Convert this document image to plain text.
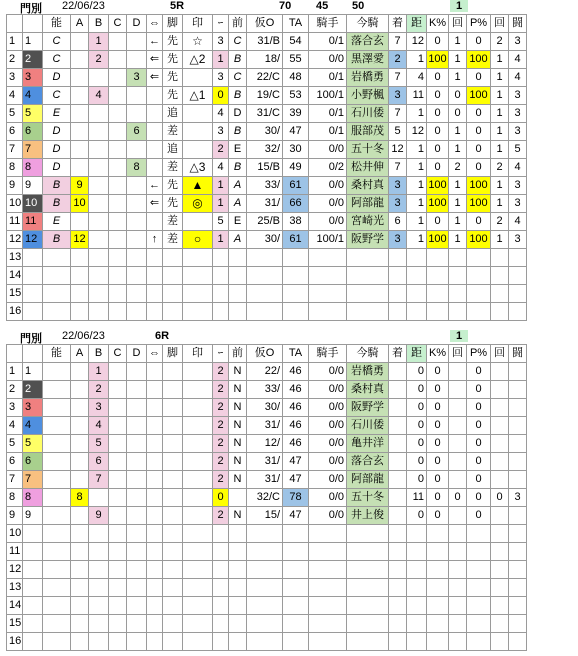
門別 22/06/23	5R	70 45 50	1
		能	A	B	C	D	⇔	脚	印	ｰ	前	仮O	TA	騎手	今騎	着	距	K%	回	P%	回	闘
1	1	C		1			←	先	☆	3	C	31/B	54	0/1	落合玄	7	12	0	1	0	2	3
2	2	C		2			⇐	先	△2	1	B	18/	55	0/0	黒澤愛	2	1	100	1	100	1	4
3	3	D				3	⇐	先		3	C	22/C	48	0/1	岩橋勇	7	4	0	1	0	1	4
4	4	C		4				先	△1	0	B	19/C	53	100/1	小野楓	3	11	0	0	100	1	3
5	5	E						追		4	D	31/C	39	0/1	石川倭	7	1	0	0	0	1	3
6	6	D				6		差		3	B	30/	47	0/1	服部茂	5	12	0	1	0	1	3
7	7	D						追		2	E	32/	30	0/0	五十冬	12	1	0	1	0	1	5
8	8	D				8		差	△3	4	B	15/B	49	0/2	松井伸	7	1	0	2	0	2	4
9	9	B	9				←	先	▲	1	A	33/	61	0/0	桑村真	3	1	100	1	100	1	3
10	10	B	10				⇐	先	◎	1	A	31/	66	0/0	阿部龍	3	1	100	1	100	1	3
11	11	E						差		5	E	25/B	38	0/0	宮崎光	6	1	0	1	0	2	4
12	12	B	12				↑	差	○	1	A	30/	61	100/1	阪野学	3	1	100	1	100	1	3
13																						
14																						
15																						
16																						
門別 22/06/23	6R	1
		能	A	B	C	D	⇔	脚	印	ｰ	前	仮O	TA	騎手	今騎	着	距	K%	回	P%	回	闘
1	1			1						2	N	22/	46	0/0	岩橋勇		0	0		0		
2	2			2						2	N	33/	46	0/0	桑村真		0	0		0		
3	3			3						2	N	30/	46	0/0	阪野学		0	0		0		
4	4			4						2	N	31/	46	0/0	石川倭		0	0		0		
5	5			5						2	N	12/	46	0/0	亀井洋		0	0		0		
6	6			6						2	N	31/	47	0/0	落合玄		0	0		0		
7	7			7						2	N	31/	47	0/0	阿部龍		0	0		0		
8	8		8							0		32/C	78	0/0	五十冬		11	0	0	0	0	3
9	9			9						2	N	15/	47	0/0	井上俊		0	0		0		
10																						
11																						
12																						
13																						
14																						
15																						
16																						
